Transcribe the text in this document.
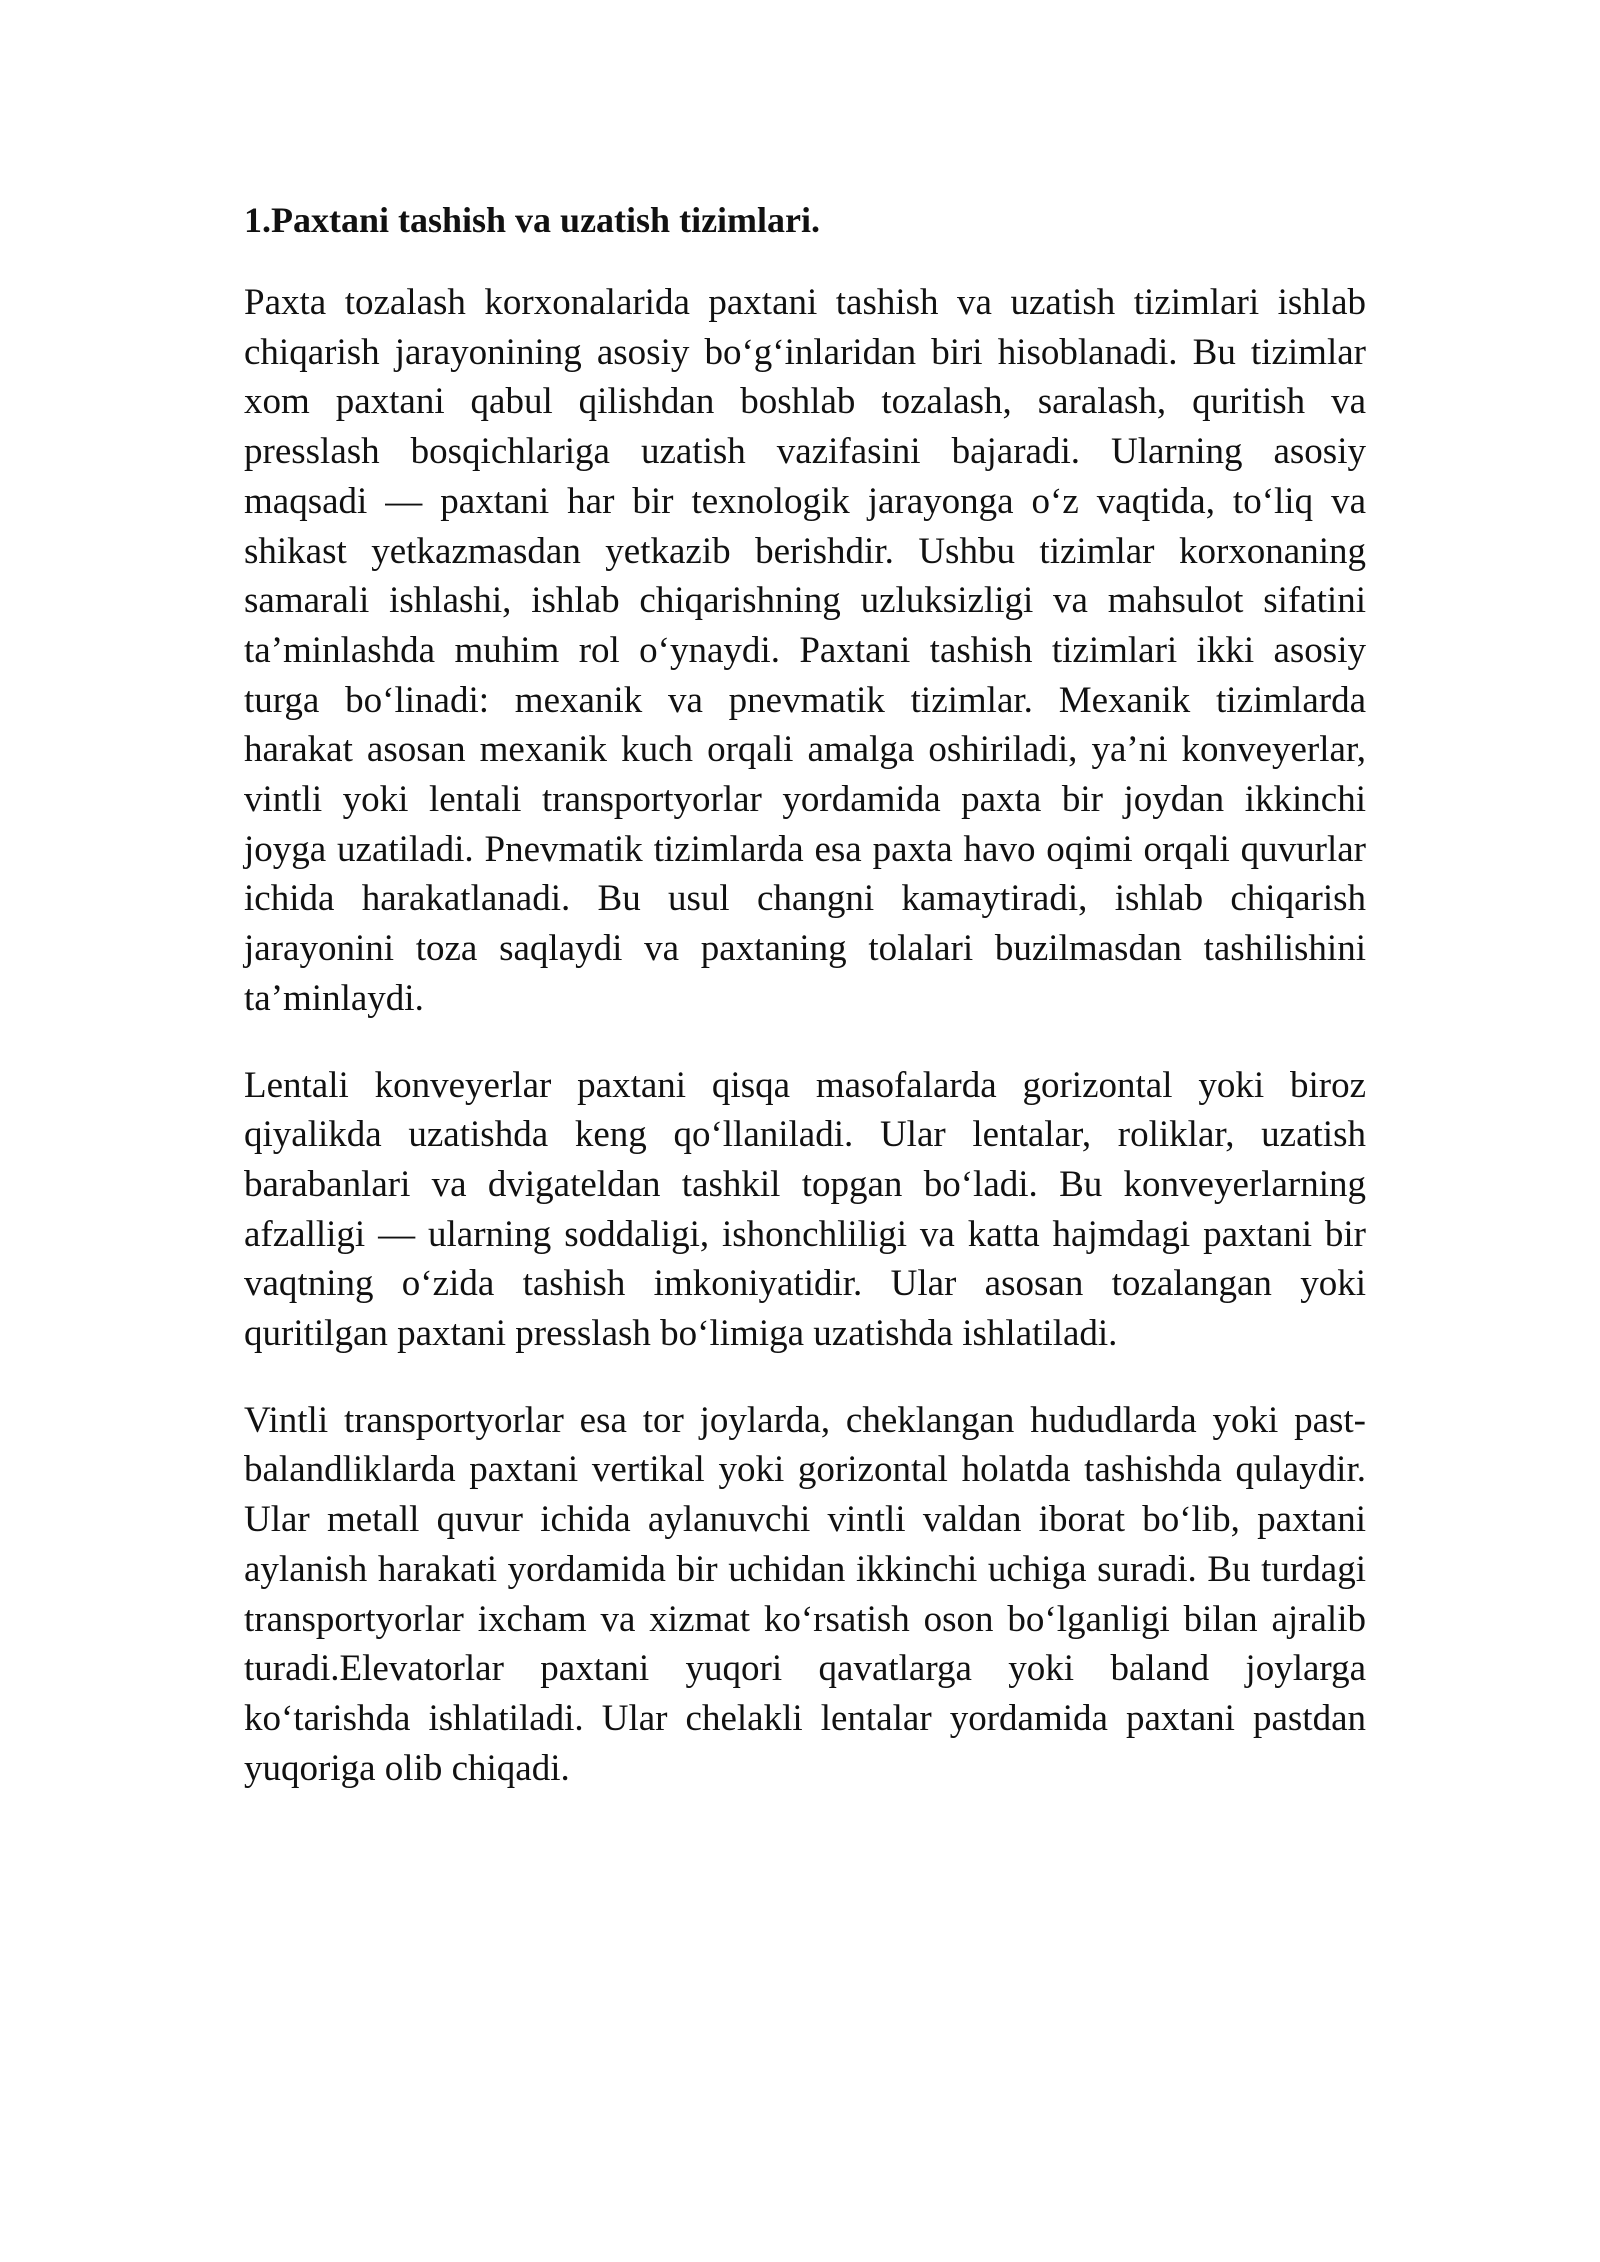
1.Paxtani tashish va uzatish tizimlari.

Paxta tozalash korxonalarida paxtani tashish va uzatish tizimlari ishlab chiqarish jarayonining asosiy bo‘g‘inlaridan biri hisoblanadi. Bu tizimlar xom paxtani qabul qilishdan boshlab tozalash, saralash, quritish va presslash bosqichlariga uzatish vazifasini bajaradi. Ularning asosiy maqsadi — paxtani har bir texnologik jarayonga o‘z vaqtida, to‘liq va shikast yetkazmasdan yetkazib berishdir. Ushbu tizimlar korxonaning samarali ishlashi, ishlab chiqarishning uzluksizligi va mahsulot sifatini ta’minlashda muhim rol o‘ynaydi. Paxtani tashish tizimlari ikki asosiy turga bo‘linadi: mexanik va pnevmatik tizimlar. Mexanik tizimlarda harakat asosan mexanik kuch orqali amalga oshiriladi, ya’ni konveyerlar, vintli yoki lentali transportyorlar yordamida paxta bir joydan ikkinchi joyga uzatiladi. Pnevmatik tizimlarda esa paxta havo oqimi orqali quvurlar ichida harakatlanadi. Bu usul changni kamaytiradi, ishlab chiqarish jarayonini toza saqlaydi va paxtaning tolalari buzilmasdan tashilishini ta’minlaydi.

Lentali konveyerlar paxtani qisqa masofalarda gorizontal yoki biroz qiyalikda uzatishda keng qo‘llaniladi. Ular lentalar, roliklar, uzatish barabanlari va dvigateldan tashkil topgan bo‘ladi. Bu konveyerlarning afzalligi — ularning soddaligi, ishonchliligi va katta hajmdagi paxtani bir vaqtning o‘zida tashish imkoniyatidir. Ular asosan tozalangan yoki quritilgan paxtani presslash bo‘limiga uzatishda ishlatiladi.

Vintli transportyorlar esa tor joylarda, cheklangan hududlarda yoki past-balandliklarda paxtani vertikal yoki gorizontal holatda tashishda qulaydir. Ular metall quvur ichida aylanuvchi vintli valdan iborat bo‘lib, paxtani aylanish harakati yordamida bir uchidan ikkinchi uchiga suradi. Bu turdagi transportyorlar ixcham va xizmat ko‘rsatish oson bo‘lganligi bilan ajralib turadi.Elevatorlar paxtani yuqori qavatlarga yoki baland joylarga ko‘tarishda ishlatiladi. Ular chelakli lentalar yordamida paxtani pastdan yuqoriga olib chiqadi.
